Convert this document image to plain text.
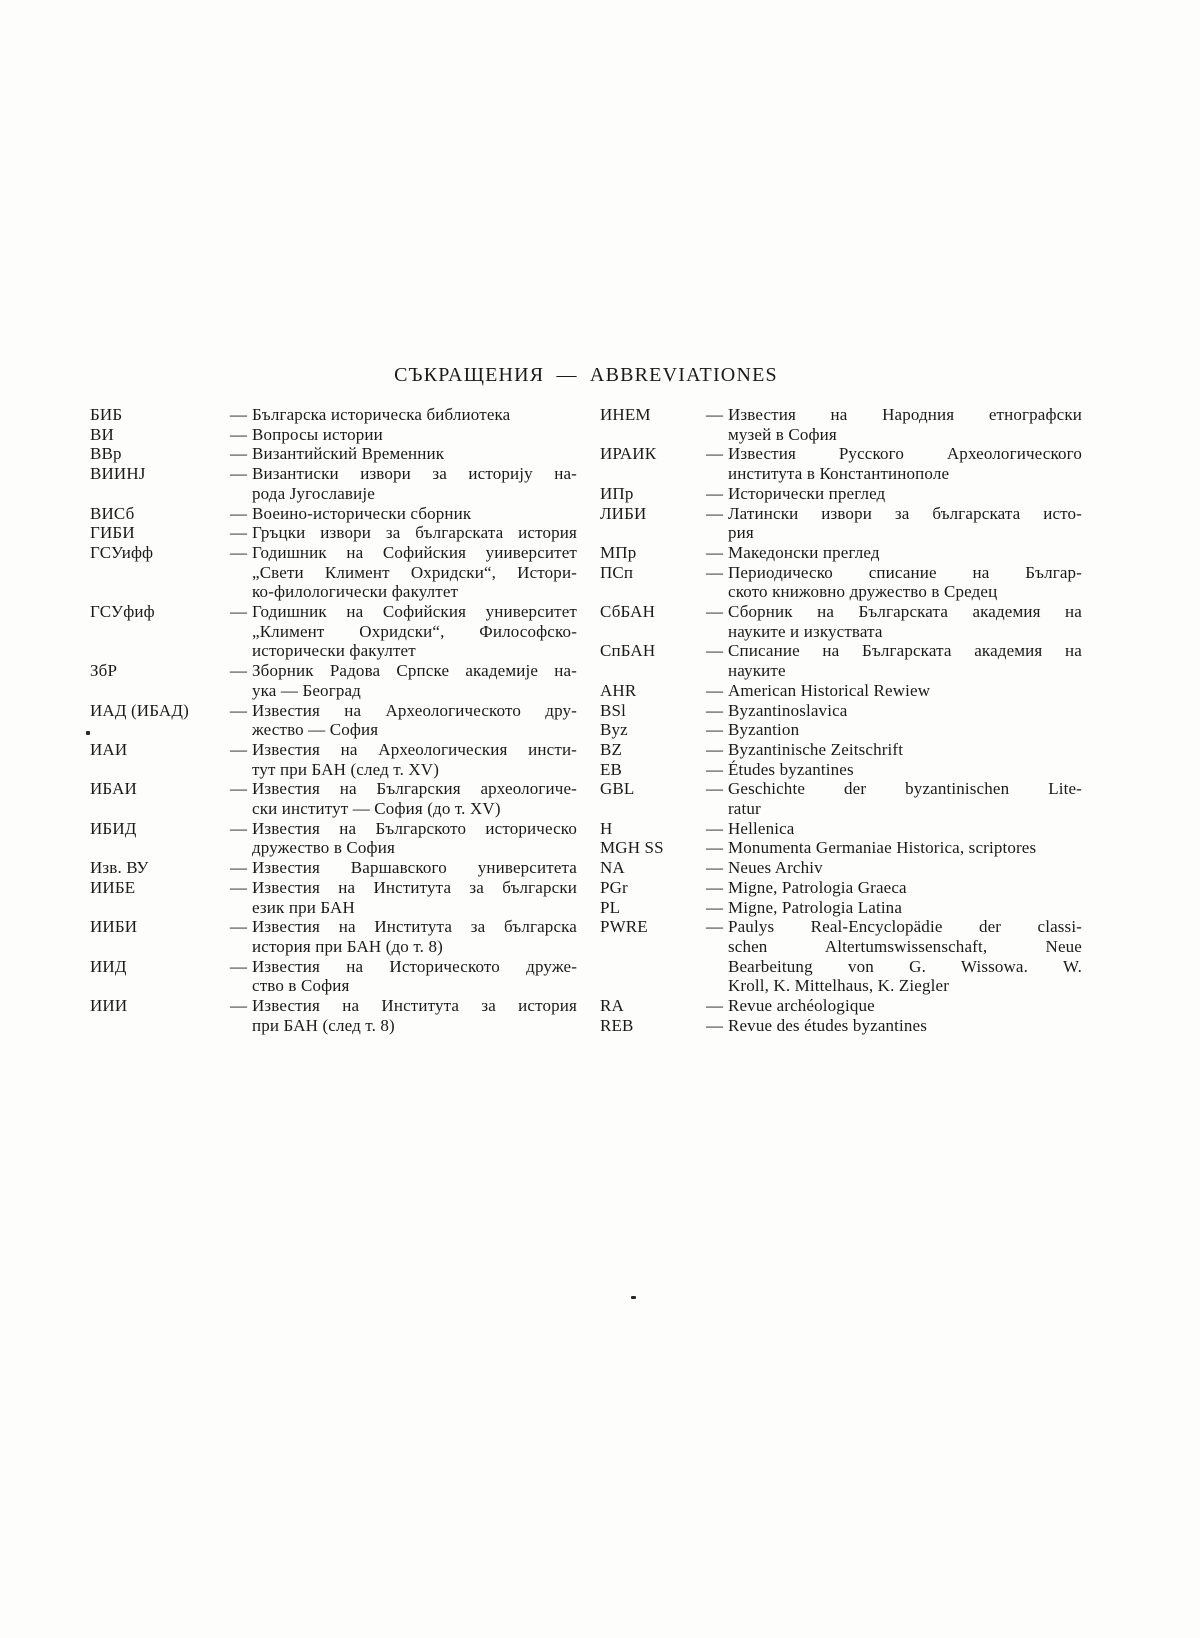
СЪКРАЩЕНИЯ — ABBREVIATIONES
БИБ	— Българска историческа библиотека
ВИ	— Вопросы истории
ВВр	— Византийский Временник
ВИИНЈ	— Византиски извори за историју на-
рода Југославије
ВИСб	— Воеино-исторически сборник
ГИБИ	— Гръцки извори за българската история
ГСУифф	— Годишник на Софийския уииверситет
„Свети Климент Охридски“, Истори-
ко-филологически факултет
ГСУфиф	— Годишник на Софийския университет
„Климент Охридски“, Философско-
исторически факултет
ЗбР	— Зборник Радова Српске академије на-
ука — Београд
ИАД (ИБАД)	— Известия на Археологическото дру-
жество — София
ИАИ	— Известия на Археологическия инсти-
тут при БАН (след т. XV)
ИБАИ	— Известия на Българския археологиче-
ски институт — София (до т. XV)
ИБИД	— Известия на Българското историческо
дружество в София
Изв. ВУ	— Известия Варшавского университета
ИИБЕ	— Известия на Института за български
език при БАН
ИИБИ	— Известия на Института за българска
история при БАН (до т. 8)
ИИД	— Известия на Историческото друже-
ство в София
ИИИ	— Известия на Института за история
при БАН (след т. 8)
ИНЕМ	— Известия на Народния етнографски
музей в София
ИРАИК	— Известия Русского Археологического
института в Константинополе
ИПр	— Исторически преглед
ЛИБИ	— Латински извори за българската исто-
рия
МПр	— Македонски преглед
ПСп	— Периодическо списание на Българ-
ското книжовно дружество в Средец
СбБАН	— Сборник на Българската академия на
науките и изкуствата
СпБАН	— Списание на Българската академия на
науките
AHR	— American Historical Rewiew
BSl	— Byzantinoslavica
Byz	— Byzantion
BZ	— Byzantinische Zeitschrift
EB	— Études byzantines
GBL	— Geschichte der byzantinischen Lite-
ratur
H	— Hellenica
MGH SS	— Monumenta Germaniae Historica, scriptores
NA	— Neues Archiv
PGr	— Migne, Patrologia Graeca
PL	— Migne, Patrologia Latina
PWRE	— Paulys Real-Encyclopädie der classi-
schen Altertumswissenschaft, Neue
Bearbeitung von G. Wissowa. W.
Kroll, K. Mittelhaus, K. Ziegler
RA	— Revue archéologique
REB	— Revue des études byzantines
